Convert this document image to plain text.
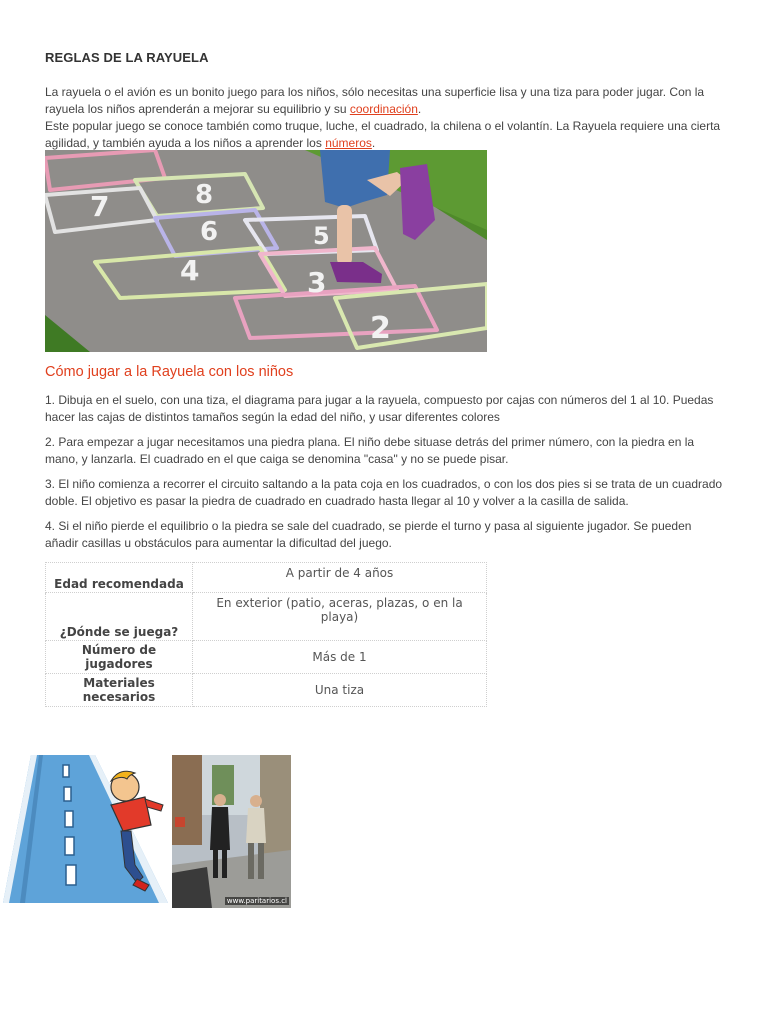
REGLAS DE LA RAYUELA

La rayuela o el avión es un bonito juego para los niños, sólo necesitas una superficie lisa y una tiza para poder jugar. Con la rayuela los niños aprenderán a mejorar su equilibrio y su coordinación.

Este popular juego se conoce también como truque, luche, el cuadrado, la chilena o el volantín. La Rayuela requiere una cierta agilidad, y también ayuda a los niños a aprender los números.

7	8
6	5
4	3
2
Cómo jugar a la Rayuela con los niños

1. Dibuja en el suelo, con una tiza, el diagrama para jugar a la rayuela, compuesto por cajas con números del 1 al 10. Puedas hacer las cajas de distintos tamaños según la edad del niño, y usar diferentes colores

2. Para empezar a jugar necesitamos una piedra plana. El niño debe situase detrás del primer número, con la piedra en la mano, y lanzarla. El cuadrado en el que caiga se denomina "casa" y no se puede pisar.

3. El niño comienza a recorrer el circuito saltando a la pata coja en los cuadrados, o con los dos pies si se trata de un cuadrado doble. El objetivo es pasar la piedra de cuadrado en cuadrado hasta llegar al 10 y volver a la casilla de salida.

4. Si el niño pierde el equilibrio o la piedra se sale del cuadrado, se pierde el turno y pasa al siguiente jugador. Se pueden añadir casillas u obstáculos para aumentar la dificultad del juego.

Edad recomendada	A partir de 4 años
¿Dónde se juega?	En exterior (patio, aceras, plazas, o en la playa)
Número de jugadores	Más de 1
Materiales necesarios	Una tiza
www.paritarios.cl
